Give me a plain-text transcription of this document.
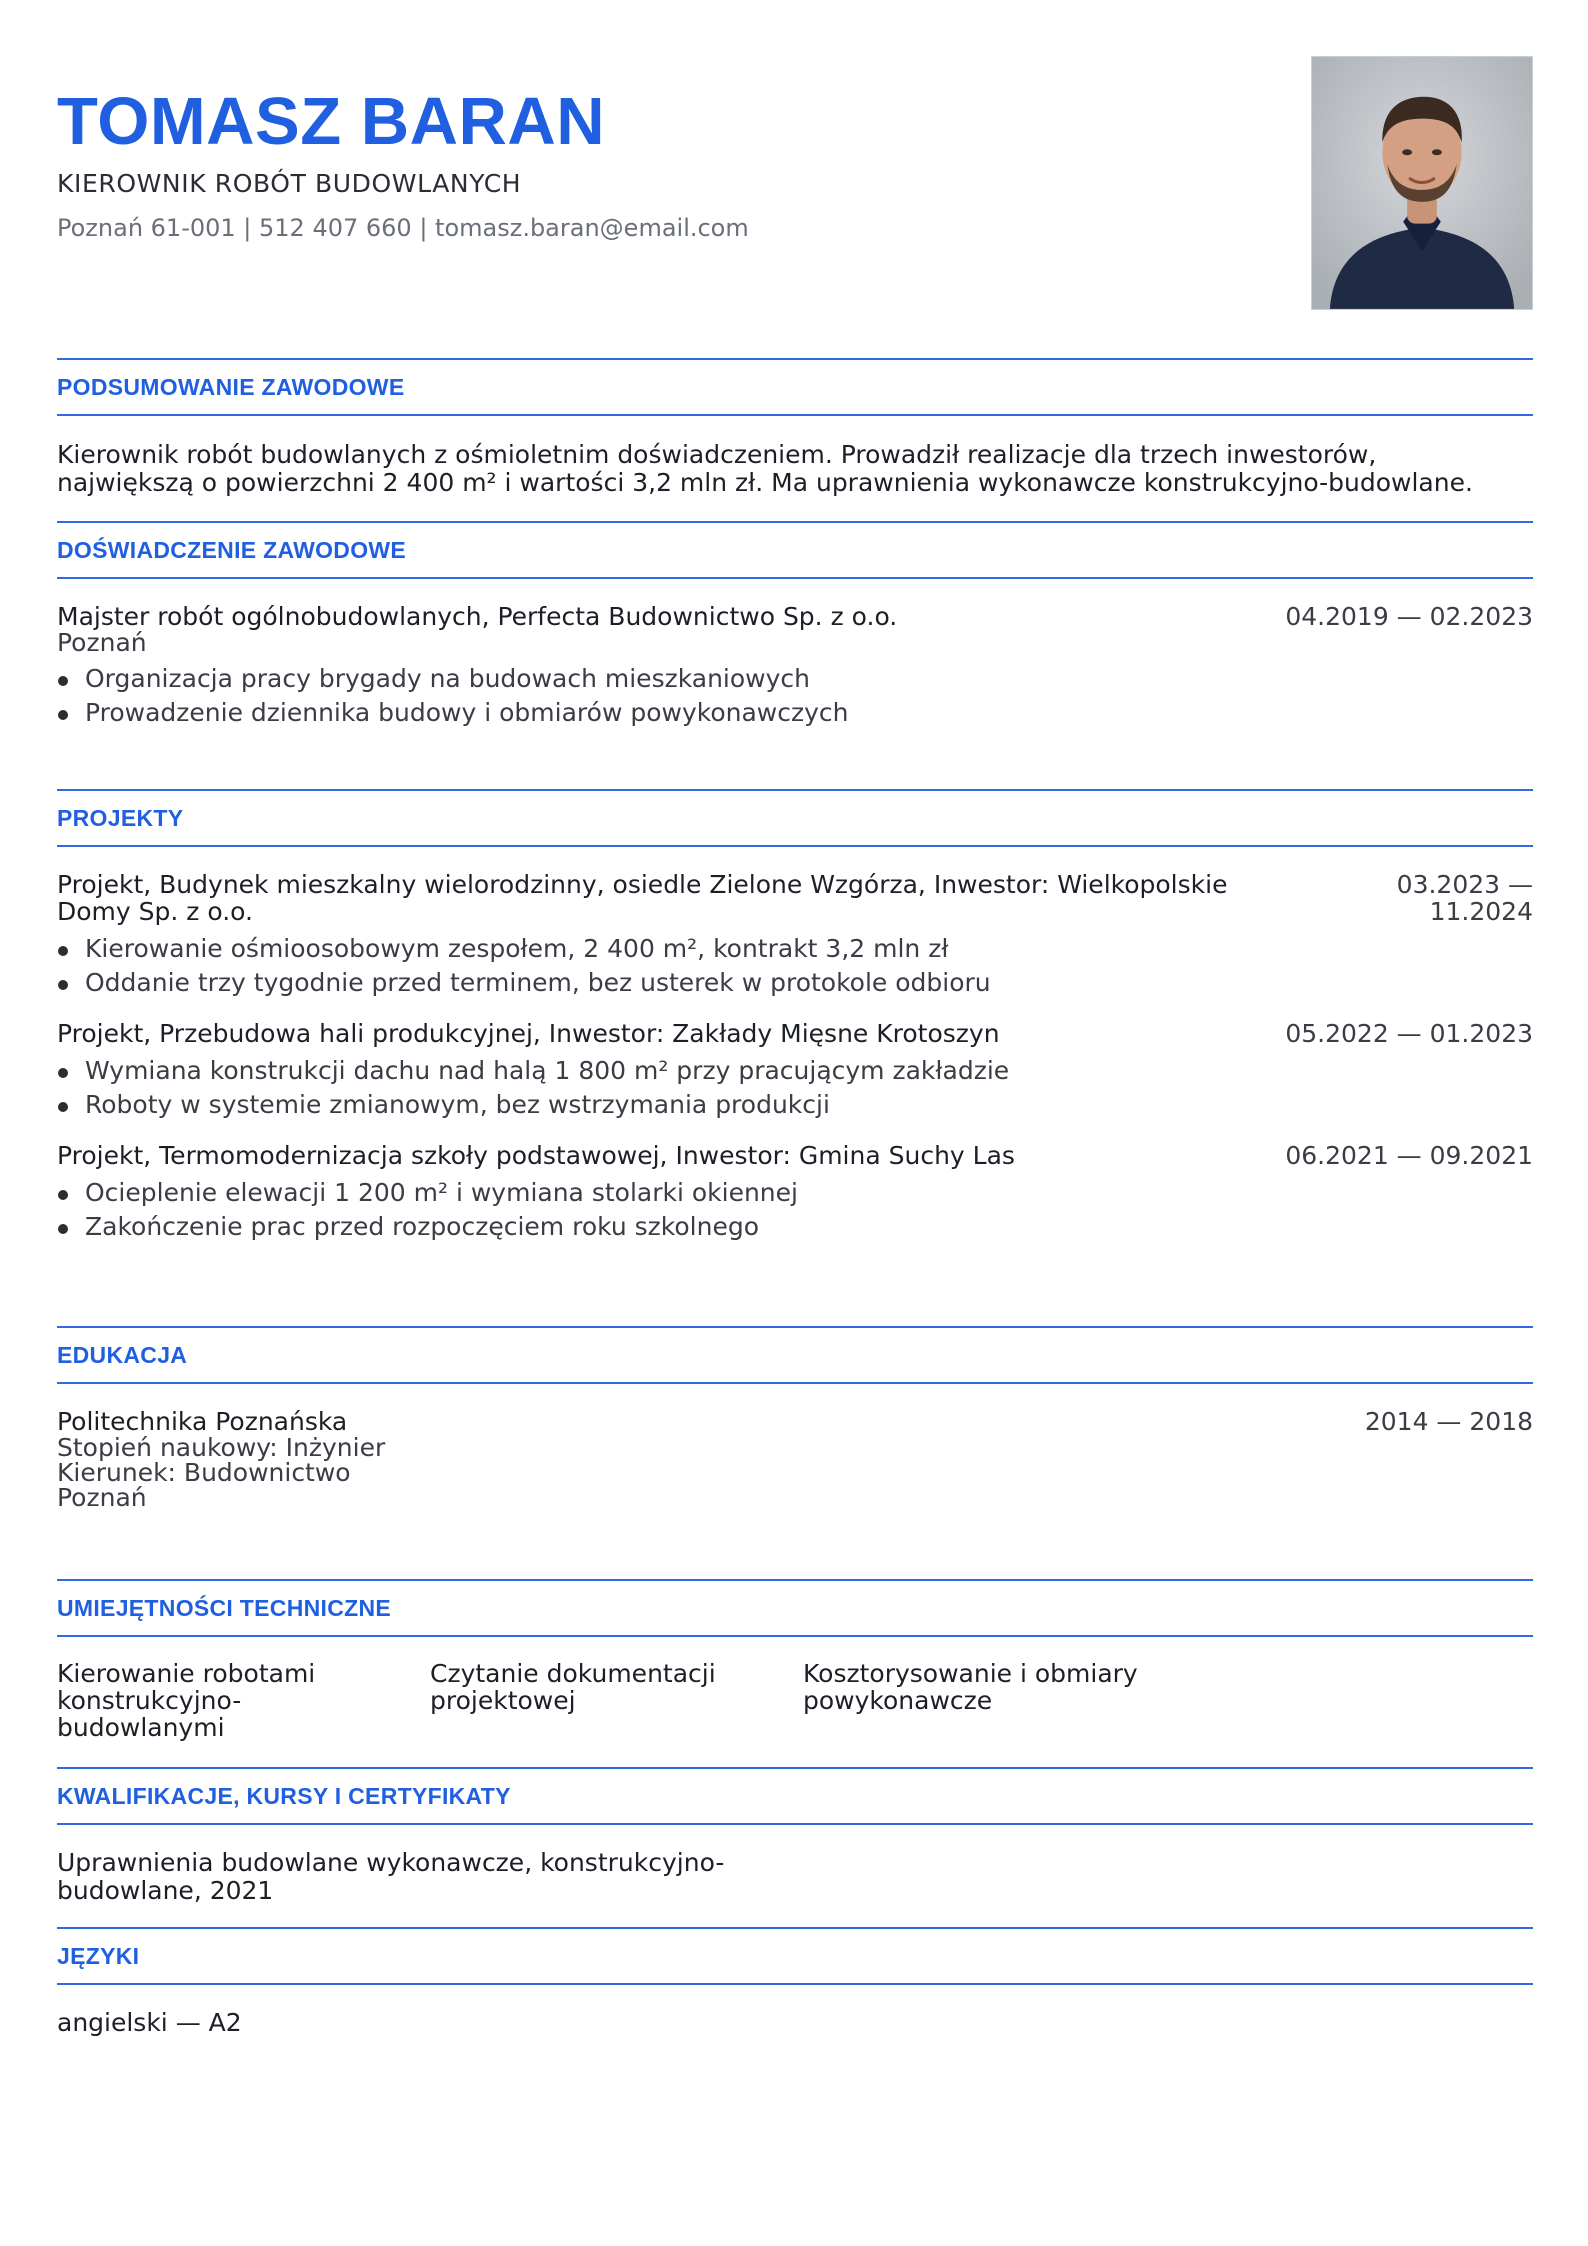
TOMASZ BARAN
KIEROWNIK ROBÓT BUDOWLANYCH
Poznań 61-001 | 512 407 660 | tomasz.baran@email.com
PODSUMOWANIE ZAWODOWE
Kierownik robót budowlanych z ośmioletnim doświadczeniem. Prowadził realizacje dla trzech inwestorów,
największą o powierzchni 2 400 m² i wartości 3,2 mln zł. Ma uprawnienia wykonawcze konstrukcyjno-budowlane.
DOŚWIADCZENIE ZAWODOWE
Majster robót ogólnobudowlanych, Perfecta Budownictwo Sp. z o.o.	04.2019 — 02.2023
Poznań
Organizacja pracy brygady na budowach mieszkaniowych
Prowadzenie dziennika budowy i obmiarów powykonawczych
PROJEKTY
Projekt, Budynek mieszkalny wielorodzinny, osiedle Zielone Wzgórza, Inwestor: Wielkopolskie
Domy Sp. z o.o.
03.2023 —
11.2024
Kierowanie ośmioosobowym zespołem, 2 400 m², kontrakt 3,2 mln zł
Oddanie trzy tygodnie przed terminem, bez usterek w protokole odbioru
Projekt, Przebudowa hali produkcyjnej, Inwestor: Zakłady Mięsne Krotoszyn	05.2022 — 01.2023
Wymiana konstrukcji dachu nad halą 1 800 m² przy pracującym zakładzie
Roboty w systemie zmianowym, bez wstrzymania produkcji
Projekt, Termomodernizacja szkoły podstawowej, Inwestor: Gmina Suchy Las	06.2021 — 09.2021
Ocieplenie elewacji 1 200 m² i wymiana stolarki okiennej
Zakończenie prac przed rozpoczęciem roku szkolnego
EDUKACJA
Politechnika Poznańska	2014 — 2018
Stopień naukowy: Inżynier
Kierunek: Budownictwo
Poznań
UMIEJĘTNOŚCI TECHNICZNE
Kierowanie robotami
konstrukcyjno-
budowlanymi
Czytanie dokumentacji
projektowej
Kosztorysowanie i obmiary
powykonawcze
KWALIFIKACJE, KURSY I CERTYFIKATY
Uprawnienia budowlane wykonawcze, konstrukcyjno-
budowlane, 2021
JĘZYKI
angielski — A2
